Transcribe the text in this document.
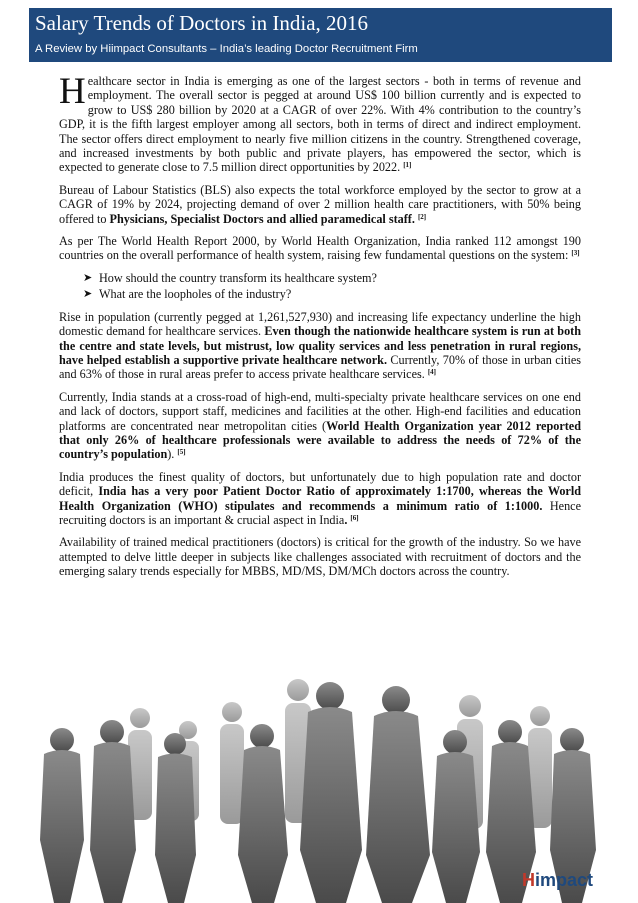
Salary Trends of Doctors in India, 2016
A Review by Hiimpact Consultants – India’s leading Doctor Recruitment Firm

Healthcare sector in India is emerging as one of the largest sectors - both in terms of revenue and employment. The overall sector is pegged at around US$ 100 billion currently and is expected to grow to US$ 280 billion by 2020 at a CAGR of over 22%. With 4% contribution to the country’s GDP, it is the fifth largest employer among all sectors, both in terms of direct and indirect employment. The sector offers direct employment to nearly five million citizens in the country. Strengthened coverage, and increased investments by both public and private players, has empowered the sector, which is expected to generate close to 7.5 million direct opportunities by 2022. [1]

Bureau of Labour Statistics (BLS) also expects the total workforce employed by the sector to grow at a CAGR of 19% by 2024, projecting demand of over 2 million health care practitioners, with 50% being offered to Physicians, Specialist Doctors and allied paramedical staff. [2]

As per The World Health Report 2000, by World Health Organization, India ranked 112 amongst 190 countries on the overall performance of health system, raising few fundamental questions on the system: [3]

➤ How should the country transform its healthcare system?
➤ What are the loopholes of the industry?

Rise in population (currently pegged at 1,261,527,930) and increasing life expectancy underline the high domestic demand for healthcare services. Even though the nationwide healthcare system is run at both the centre and state levels, but mistrust, low quality services and less penetration in rural regions, have helped establish a supportive private healthcare network. Currently, 70% of those in urban cities and 63% of those in rural areas prefer to access private healthcare services. [4]

Currently, India stands at a cross-road of high-end, multi-specialty private healthcare services on one end and lack of doctors, support staff, medicines and facilities at the other. High-end facilities and education platforms are concentrated near metropolitan cities (World Health Organization year 2012 reported that only 26% of healthcare professionals were available to address the needs of 72% of the country’s population). [5]

India produces the finest quality of doctors, but unfortunately due to high population rate and doctor deficit, India has a very poor Patient Doctor Ratio of approximately 1:1700, whereas the World Health Organization (WHO) stipulates and recommends a minimum ratio of 1:1000. Hence recruiting doctors is an important & crucial aspect in India. [6]

Availability of trained medical practitioners (doctors) is critical for the growth of the industry. So we have attempted to delve little deeper in subjects like challenges associated with recruitment of doctors and the emerging salary trends especially for MBBS, MD/MS, DM/MCh doctors across the country.

Himpact
